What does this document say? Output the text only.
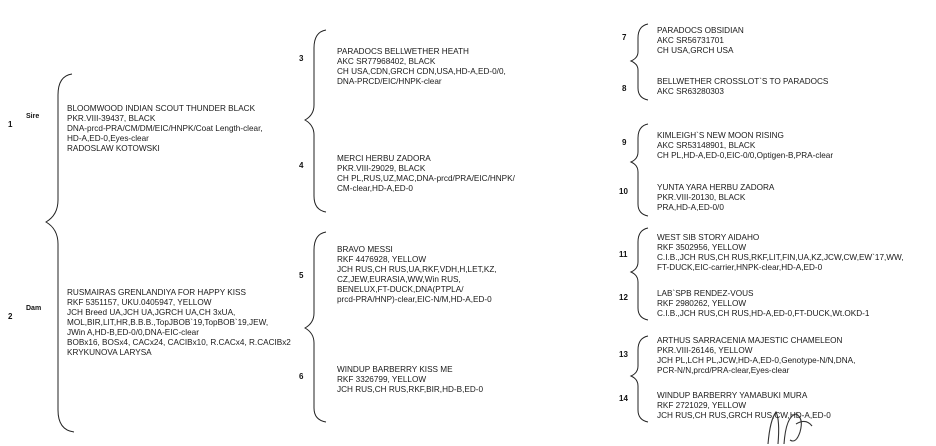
1
Sire
BLOOMWOOD INDIAN SCOUT THUNDER BLACK
PKR.VIII-39437, BLACK
DNA-prcd-PRA/CM/DM/EIC/HNPK/Coat Length-clear,
HD-A,ED-0,Eyes-clear
RADOSLAW KOTOWSKI
2
Dam
RUSMAIRAS GRENLANDIYA FOR HAPPY KISS
RKF 5351157, UKU.0405947, YELLOW
JCH Breed UA,JCH UA,JGRCH UA,CH 3xUA,
MOL,BIR,LIT,HR,B.B.B.,TopJBOB`19,TopBOB`19,JEW,
JWin A,HD-B,ED-0/0,DNA-EIC-clear
BOBx16, BOSx4, CACx24, CACIBx10, R.CACx4, R.CACIBx2
KRYKUNOVA LARYSA
3
PARADOCS BELLWETHER HEATH
AKC SR77968402, BLACK
CH USA,CDN,GRCH CDN,USA,HD-A,ED-0/0,
DNA-PRCD/EIC/HNPK-clear
4
MERCI HERBU ZADORA
PKR.VIII-29029, BLACK
CH PL,RUS,UZ,MAC,DNA-prcd/PRA/EIC/HNPK/
CM-clear,HD-A,ED-0
5
BRAVO MESSI
RKF 4476928, YELLOW
JCH RUS,CH RUS,UA,RKF,VDH,H,LET,KZ,
CZ,JEW,EURASIA,WW,Win RUS,
BENELUX,FT-DUCK,DNA(PTPLA/
prcd-PRA/HNP)-clear,EIC-N/M,HD-A,ED-0
6
WINDUP BARBERRY KISS ME
RKF 3326799, YELLOW
JCH RUS,CH RUS,RKF,BIR,HD-B,ED-0
7
PARADOCS OBSIDIAN
AKC SR56731701
CH USA,GRCH USA
8
BELLWETHER CROSSLOT`S TO PARADOCS
AKC SR63280303
9
KIMLEIGH`S NEW MOON RISING
AKC SR53148901, BLACK
CH PL,HD-A,ED-0,EIC-0/0,Optigen-B,PRA-clear
10	YUNTA YARA HERBU ZADORA
PKR.VIII-20130, BLACK
PRA,HD-A,ED-0/0
11
WEST SIB STORY AIDAHO
RKF 3502956, YELLOW
C.I.B.,JCH RUS,CH RUS,RKF,LIT,FIN,UA,KZ,JCW,CW,EW`17,WW,
FT-DUCK,EIC-carrier,HNPK-clear,HD-A,ED-0
12	LAB`SPB RENDEZ-VOUS
RKF 2980262, YELLOW
C.I.B.,JCH RUS,CH RUS,HD-A,ED-0,FT-DUCK,Wt.OKD-1
13
ARTHUS SARRACENIA MAJESTIC CHAMELEON
PKR.VIII-26146, YELLOW
JCH PL,LCH PL,JCW,HD-A,ED-0,Genotype-N/N,DNA,
PCR-N/N,prcd/PRA-clear,Eyes-clear
14	WINDUP BARBERRY YAMABUKI MURA
RKF 2721029, YELLOW
JCH RUS,CH RUS,GRCH RUS,CW,HD-A,ED-0
